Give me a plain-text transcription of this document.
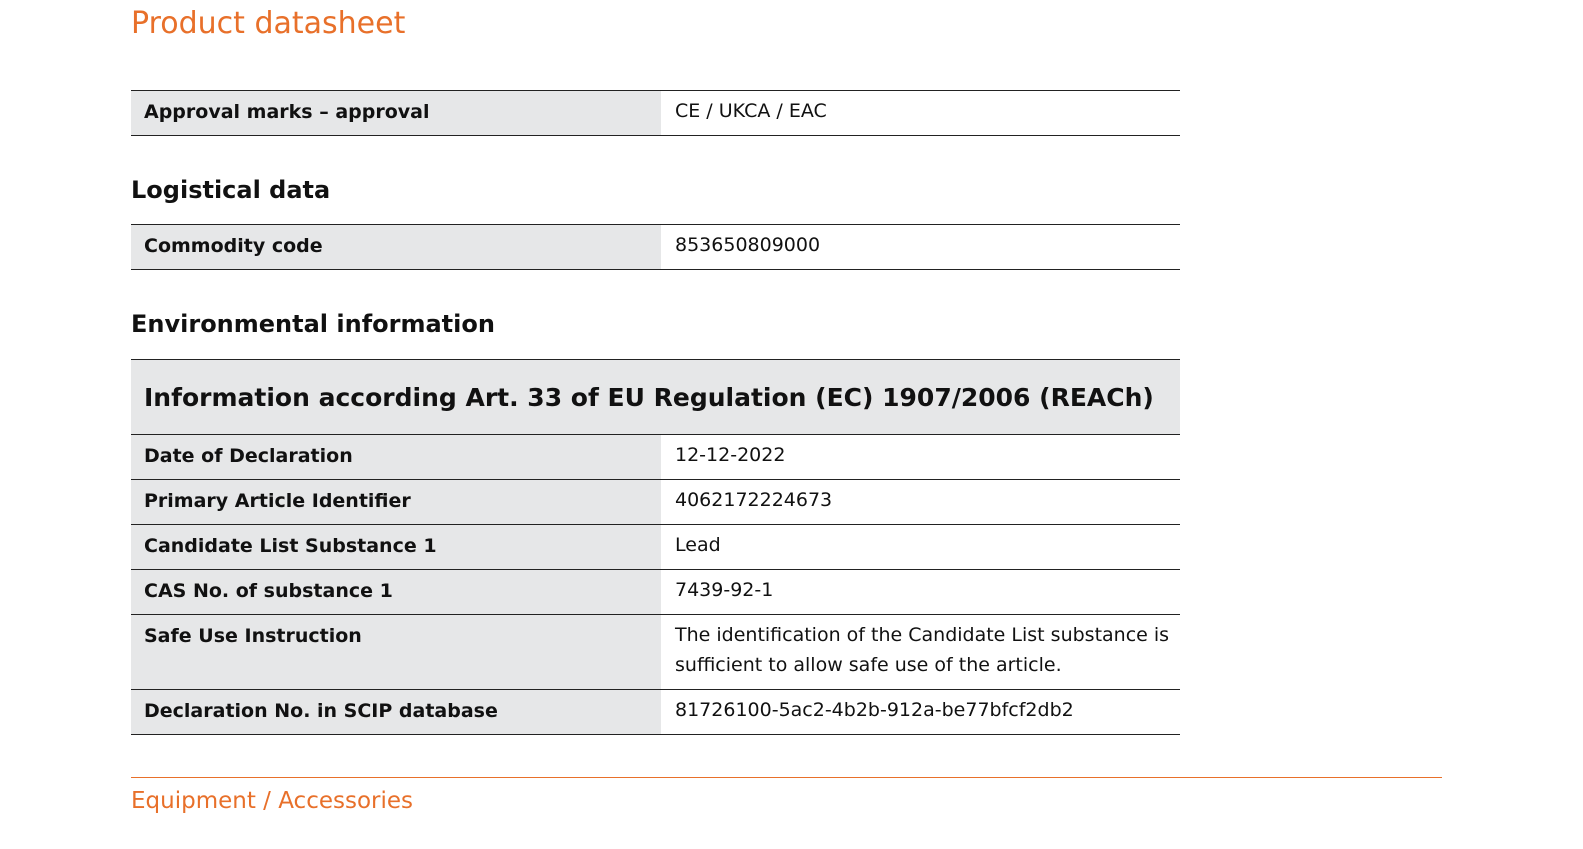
Product datasheet
Approval marks – approval	CE / UKCA / EAC
Logistical data
Commodity code	853650809000
Environmental information
Information according Art. 33 of EU Regulation (EC) 1907/2006 (REACh)
Date of Declaration	12-12-2022
Primary Article Identifier	4062172224673
Candidate List Substance 1	Lead
CAS No. of substance 1	7439-92-1
Safe Use Instruction	The identification of the Candidate List substance is
sufficient to allow safe use of the article.
Declaration No. in SCIP database	81726100-5ac2-4b2b-912a-be77bfcf2db2
Equipment / Accessories
